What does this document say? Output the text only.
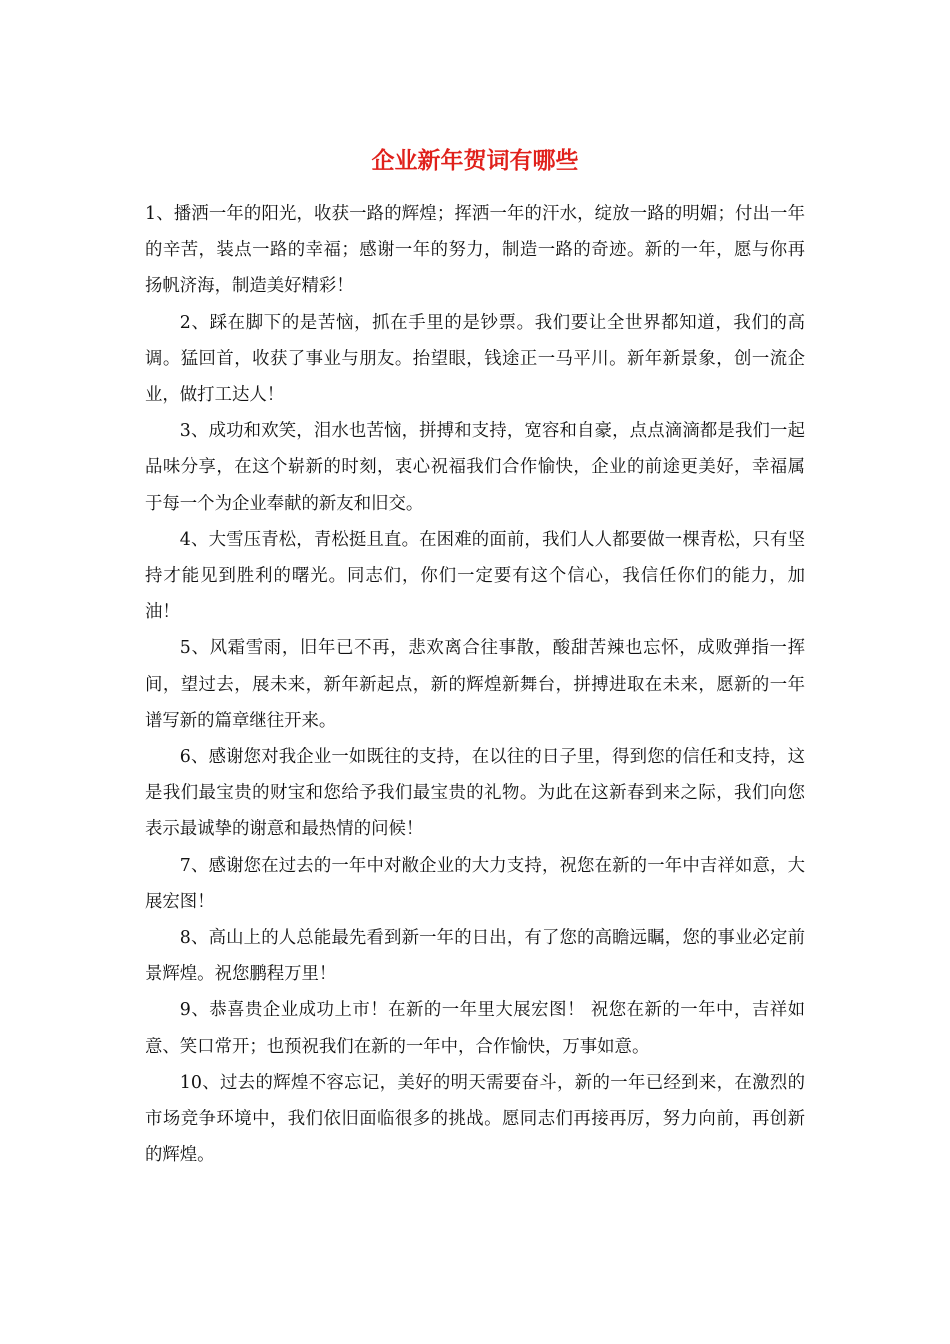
企业新年贺词有哪些

1、播洒一年的阳光，收获一路的辉煌；挥洒一年的汗水，绽放一路的明媚；付出一年的辛苦，装点一路的幸福；感谢一年的努力，制造一路的奇迹。新的一年，愿与你再扬帆济海，制造美好精彩！

2、踩在脚下的是苦恼，抓在手里的是钞票。我们要让全世界都知道，我们的高调。猛回首，收获了事业与朋友。抬望眼，钱途正一马平川。新年新景象，创一流企业，做打工达人！

3、成功和欢笑，泪水也苦恼，拼搏和支持，宽容和自豪，点点滴滴都是我们一起品味分享，在这个崭新的时刻，衷心祝福我们合作愉快，企业的前途更美好，幸福属于每一个为企业奉献的新友和旧交。

4、大雪压青松，青松挺且直。在困难的面前，我们人人都要做一棵青松，只有坚持才能见到胜利的曙光。同志们，你们一定要有这个信心，我信任你们的能力，加油！

5、风霜雪雨，旧年已不再，悲欢离合往事散，酸甜苦辣也忘怀，成败弹指一挥间，望过去，展未来，新年新起点，新的辉煌新舞台，拼搏进取在未来，愿新的一年谱写新的篇章继往开来。

6、感谢您对我企业一如既往的支持，在以往的日子里，得到您的信任和支持，这是我们最宝贵的财宝和您给予我们最宝贵的礼物。为此在这新春到来之际，我们向您表示最诚挚的谢意和最热情的问候！

7、感谢您在过去的一年中对敝企业的大力支持，祝您在新的一年中吉祥如意，大展宏图！

8、高山上的人总能最先看到新一年的日出，有了您的高瞻远瞩，您的事业必定前景辉煌。祝您鹏程万里！

9、恭喜贵企业成功上市！在新的一年里大展宏图！ 祝您在新的一年中，吉祥如意、笑口常开；也预祝我们在新的一年中，合作愉快，万事如意。

10、过去的辉煌不容忘记，美好的明天需要奋斗，新的一年已经到来，在激烈的市场竞争环境中，我们依旧面临很多的挑战。愿同志们再接再厉，努力向前，再创新的辉煌。
